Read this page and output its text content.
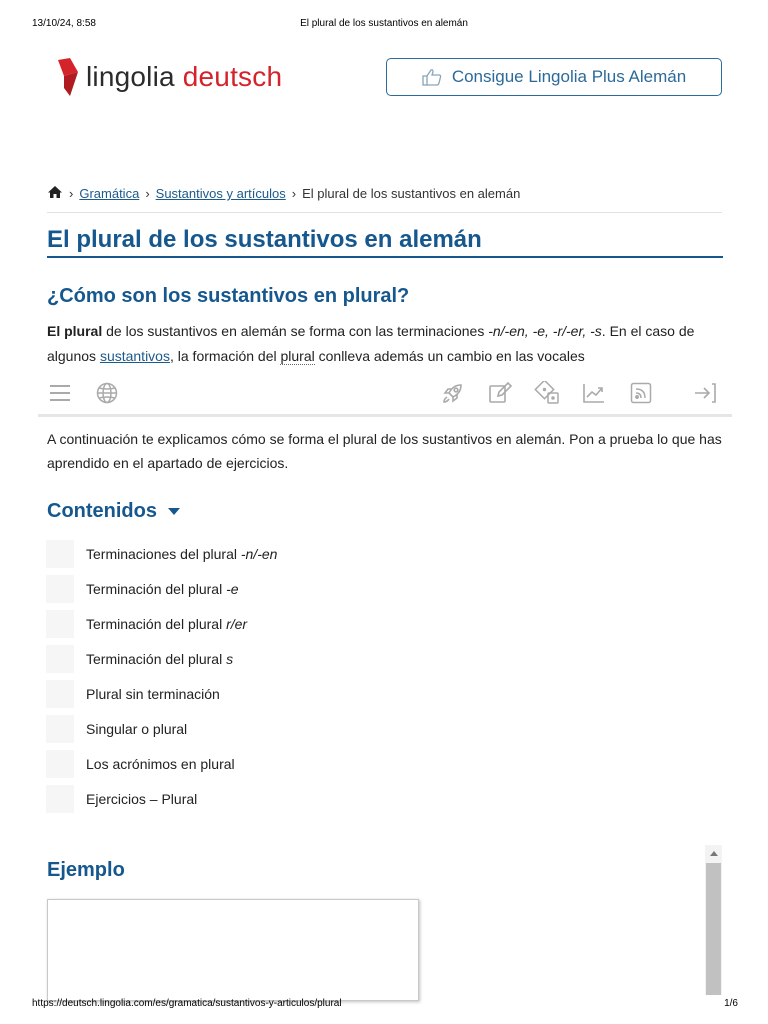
13/10/24, 8:58	El plural de los sustantivos en alemán
lingolia deutsch	Consigue Lingolia Plus Alemán
› Gramática › Sustantivos y artículos › El plural de los sustantivos en alemán
El plural de los sustantivos en alemán
¿Cómo son los sustantivos en plural?

El plural de los sustantivos en alemán se forma con las terminaciones -n/-en, -e, -r/-er, -s. En el caso de algunos sustantivos, la formación del plural conlleva además un cambio en las vocales

A continuación te explicamos cómo se forma el plural de los sustantivos en alemán. Pon a prueba lo que has aprendido en el apartado de ejercicios.

Contenidos
Terminaciones del plural -n/-en
Terminación del plural -e
Terminación del plural r/er
Terminación del plural s
Plural sin terminación
Singular o plural
Los acrónimos en plural
Ejercicios – Plural
Ejemplo
https://deutsch.lingolia.com/es/gramatica/sustantivos-y-articulos/plural	1/6
